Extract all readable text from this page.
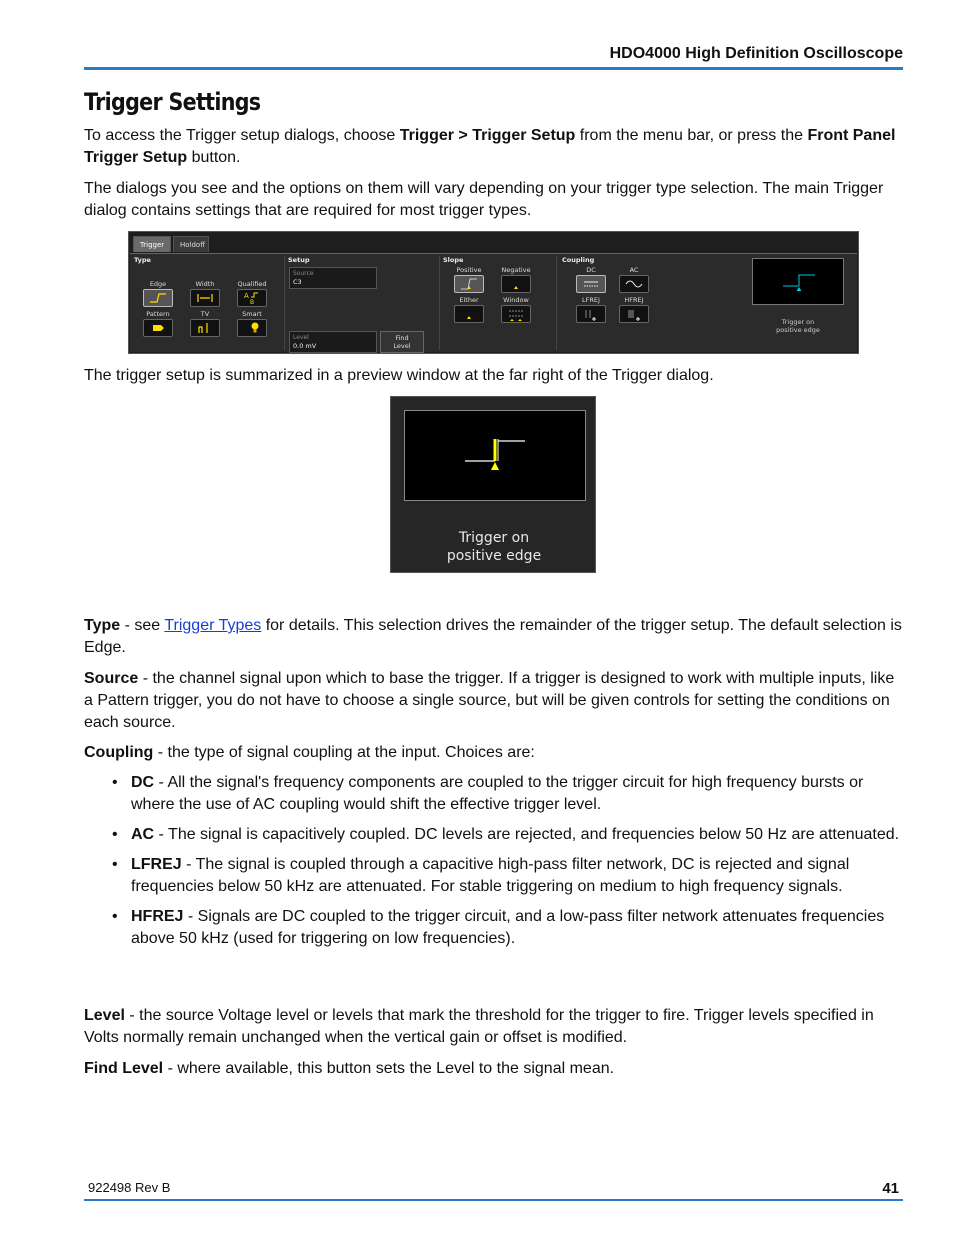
HDO4000 High Definition Oscilloscope
Trigger Settings

To access the Trigger setup dialogs, choose Trigger > Trigger Setup from the menu bar, or press the Front Panel Trigger Setup button.

The dialogs you see and the options on them will vary depending on your trigger type selection. The main Trigger dialog contains settings that are required for most trigger types.

Trigger	Holdoff
Type
Edge	Width	Qualified
A
B
Pattern	TV	Smart
Setup
Source
C3
Level
0.0 mV
Find
Level
Slope
Positive	Negative
Either	Window
Coupling
DC	AC
LFREJ	HFREJ
Trigger on
positive edge

The trigger setup is summarized in a preview window at the far right of the Trigger dialog.

Trigger on
positive edge

Type - see Trigger Types for details. This selection drives the remainder of the trigger setup. The default selection is Edge.

Source - the channel signal upon which to base the trigger. If a trigger is designed to work with multiple inputs, like a Pattern trigger, you do not have to choose a single source, but will be given controls for setting the conditions on each source.

Coupling - the type of signal coupling at the input. Choices are:

• DC - All the signal's frequency components are coupled to the trigger circuit for high frequency bursts or where the use of AC coupling would shift the effective trigger level.
• AC - The signal is capacitively coupled. DC levels are rejected, and frequencies below 50 Hz are attenuated.
• LFREJ - The signal is coupled through a capacitive high-pass filter network, DC is rejected and signal frequencies below 50 kHz are attenuated. For stable triggering on medium to high frequency signals.
• HFREJ - Signals are DC coupled to the trigger circuit, and a low-pass filter network attenuates frequencies above 50 kHz (used for triggering on low frequencies).

Level - the source Voltage level or levels that mark the threshold for the trigger to fire. Trigger levels specified in Volts normally remain unchanged when the vertical gain or offset is modified.

Find Level - where available, this button sets the Level to the signal mean.

922498 Rev B	41
